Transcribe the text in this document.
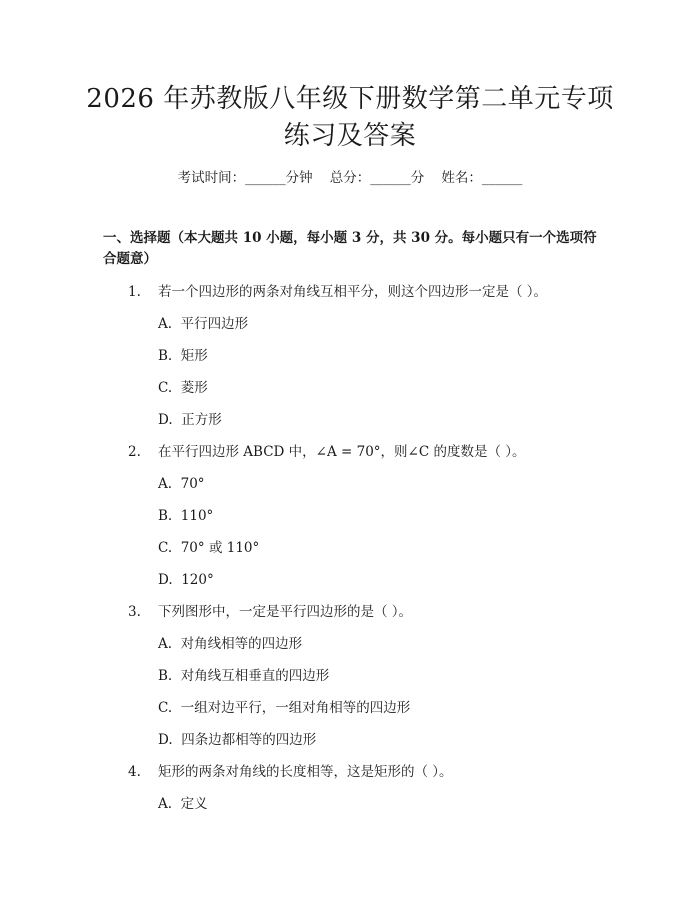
2026 年苏教版八年级下册数学第二单元专项
练习及答案
考试时间：______分钟    总分：______分    姓名：______
一、选择题（本大题共 10 小题，每小题 3 分，共 30 分。每小题只有一个选项符
合题意）
1. 若一个四边形的两条对角线互相平分，则这个四边形一定是（ ）。
A.  平行四边形
B.  矩形
C.  菱形
D.  正方形
2. 在平行四边形 ABCD 中，∠A = 70°，则∠C 的度数是（ ）。
A.  70°
B.  110°
C.  70° 或 110°
D.  120°
3. 下列图形中，一定是平行四边形的是（ ）。
A.  对角线相等的四边形
B.  对角线互相垂直的四边形
C.  一组对边平行，一组对角相等的四边形
D.  四条边都相等的四边形
4. 矩形的两条对角线的长度相等，这是矩形的（ ）。
A.  定义
